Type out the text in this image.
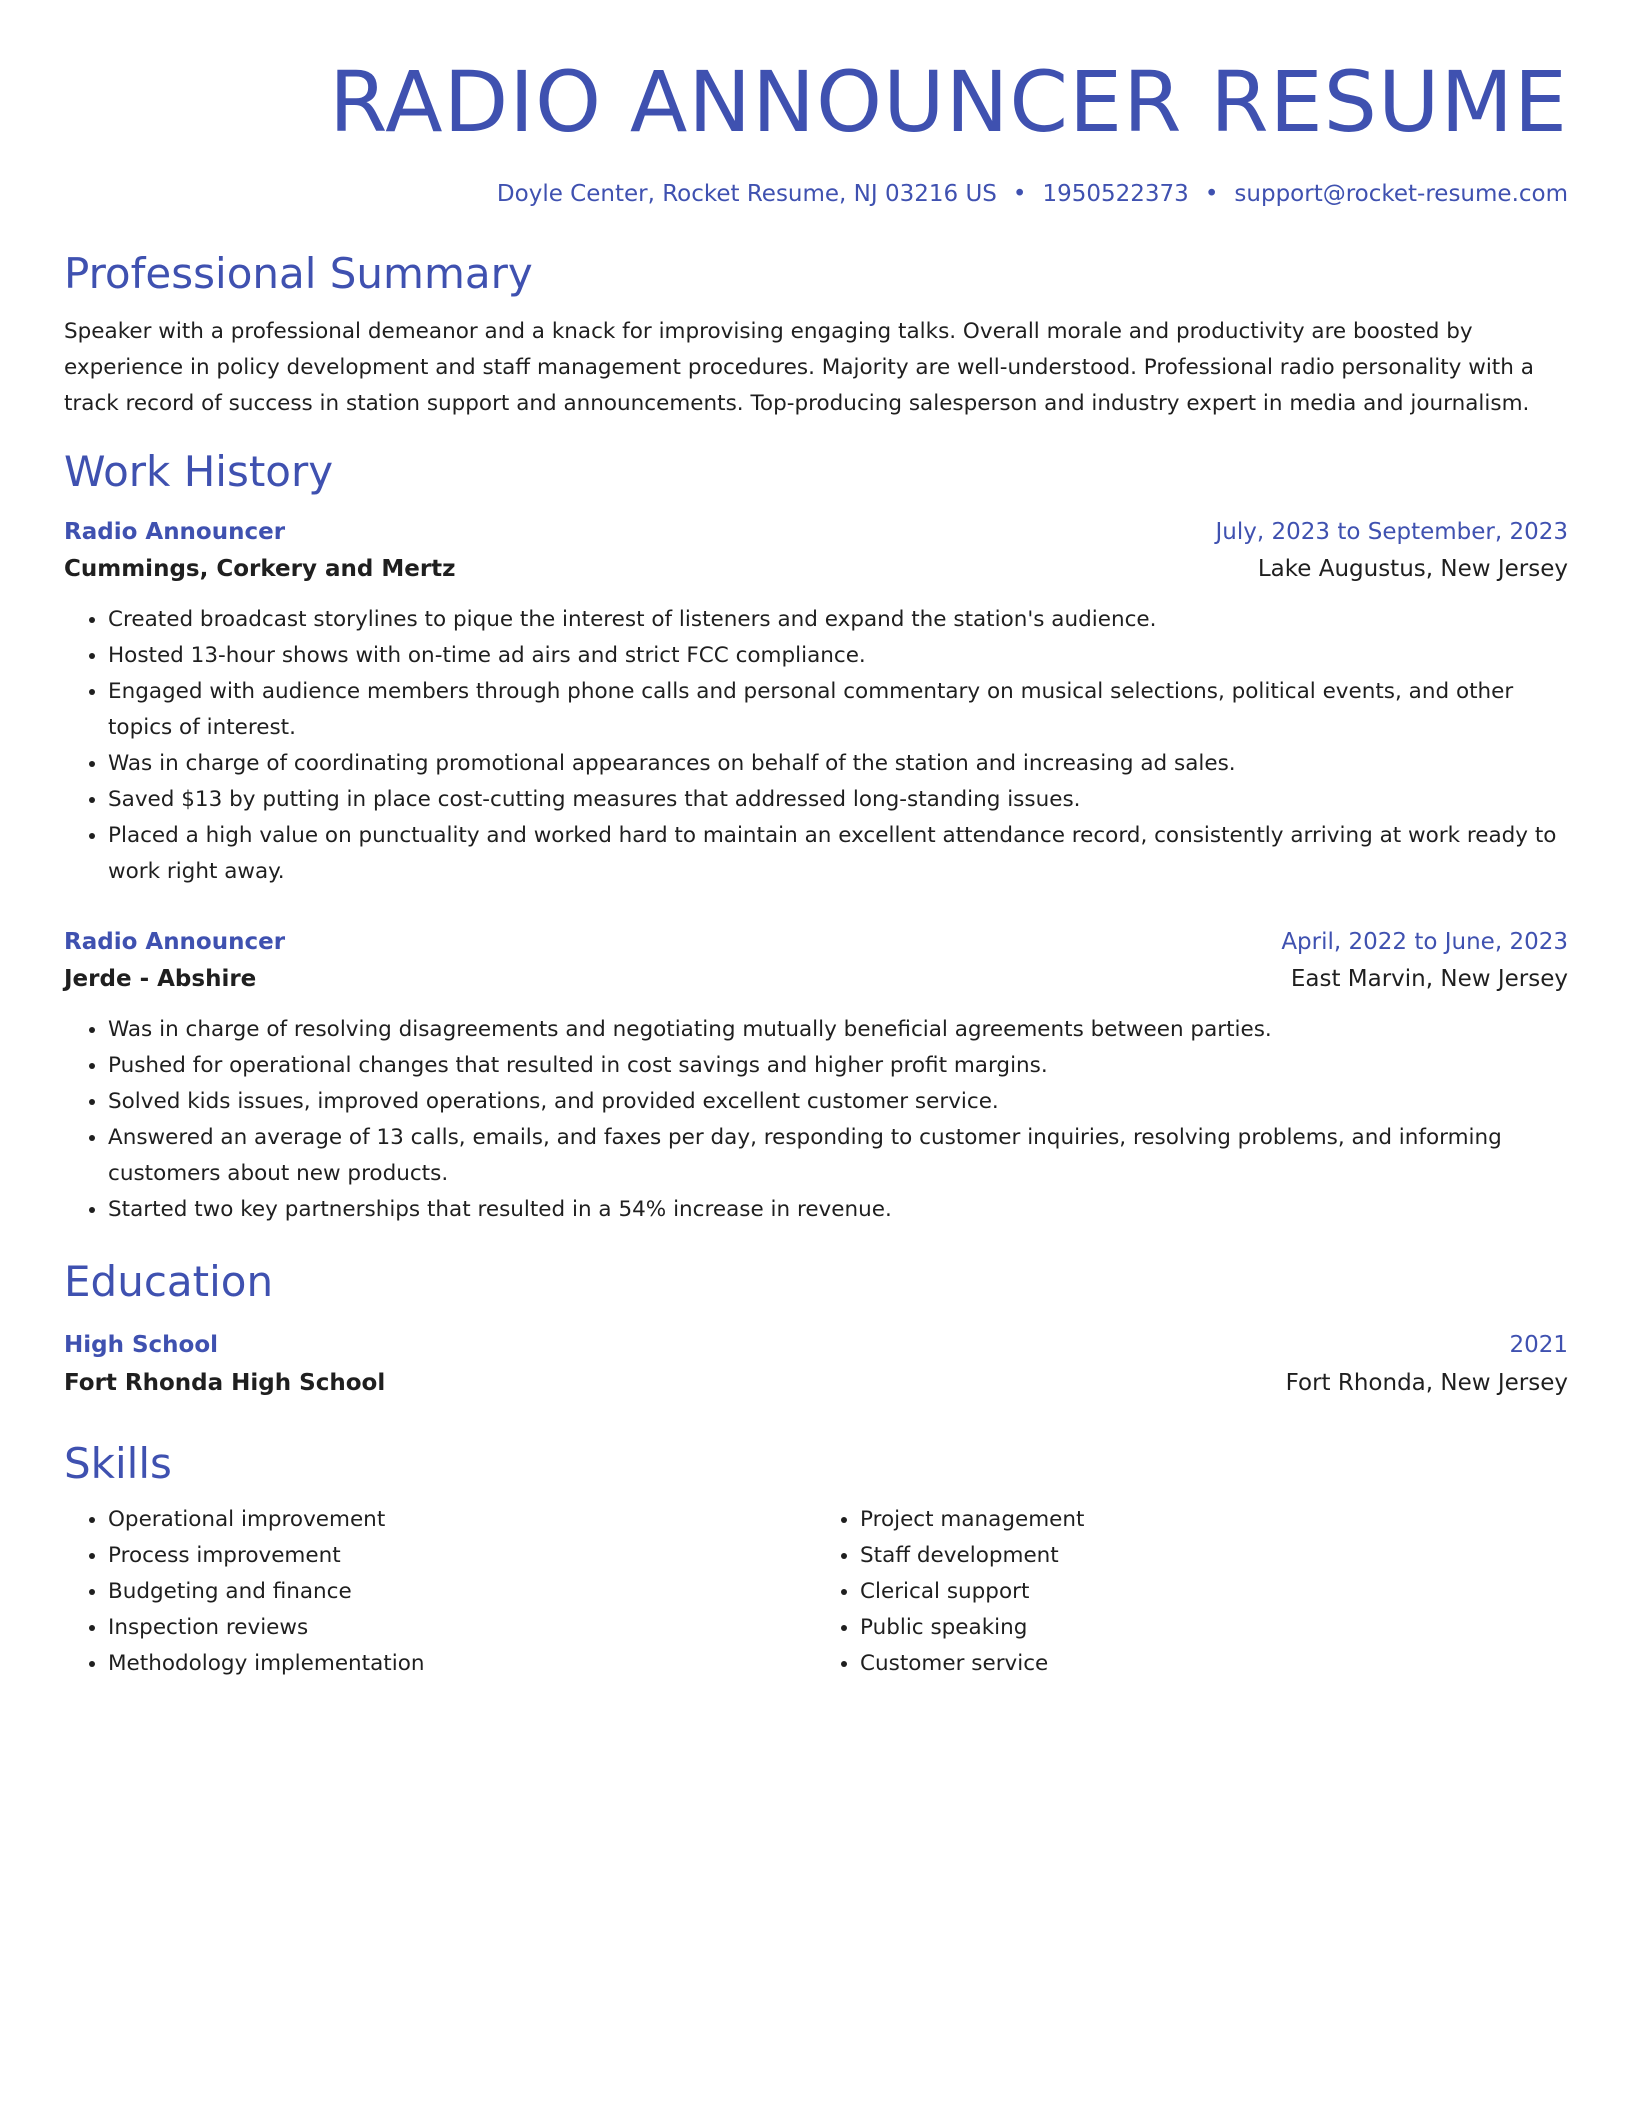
RADIO ANNOUNCER RESUME
Doyle Center, Rocket Resume, NJ 03216 US • 1950522373 • support@rocket-resume.com
Professional Summary
Speaker with a professional demeanor and a knack for improvising engaging talks. Overall morale and productivity are boosted by experience in policy development and staff management procedures. Majority are well-understood. Professional radio personality with a track record of success in station support and announcements. Top-producing salesperson and industry expert in media and journalism.
Work History
Radio Announcer	July, 2023 to September, 2023
Cummings, Corkery and Mertz	Lake Augustus, New Jersey
• Created broadcast storylines to pique the interest of listeners and expand the station's audience.
• Hosted 13-hour shows with on-time ad airs and strict FCC compliance.
• Engaged with audience members through phone calls and personal commentary on musical selections, political events, and other topics of interest.
• Was in charge of coordinating promotional appearances on behalf of the station and increasing ad sales.
• Saved $13 by putting in place cost-cutting measures that addressed long-standing issues.
• Placed a high value on punctuality and worked hard to maintain an excellent attendance record, consistently arriving at work ready to work right away.
Radio Announcer	April, 2022 to June, 2023
Jerde - Abshire	East Marvin, New Jersey
• Was in charge of resolving disagreements and negotiating mutually beneficial agreements between parties.
• Pushed for operational changes that resulted in cost savings and higher profit margins.
• Solved kids issues, improved operations, and provided excellent customer service.
• Answered an average of 13 calls, emails, and faxes per day, responding to customer inquiries, resolving problems, and informing customers about new products.
• Started two key partnerships that resulted in a 54% increase in revenue.
Education
High School	2021
Fort Rhonda High School	Fort Rhonda, New Jersey
Skills
• Operational improvement
• Process improvement
• Budgeting and finance
• Inspection reviews
• Methodology implementation
• Project management
• Staff development
• Clerical support
• Public speaking
• Customer service
